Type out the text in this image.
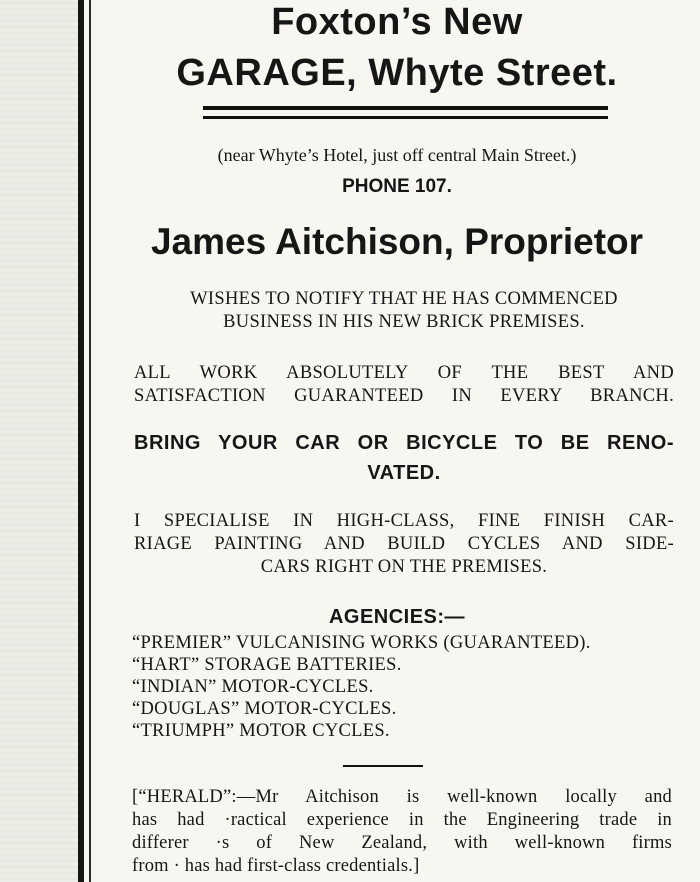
Foxton’s New
GARAGE, Whyte Street.
(near Whyte’s Hotel, just off central Main Street.)
PHONE 107.
James Aitchison, Proprietor
WISHES TO NOTIFY THAT HE HAS COMMENCED
BUSINESS IN HIS NEW BRICK PREMISES.
ALL WORK ABSOLUTELY OF THE BEST AND
SATISFACTION GUARANTEED IN EVERY BRANCH.
BRING YOUR CAR OR BICYCLE TO BE RENO-
VATED.
I SPECIALISE IN HIGH-CLASS, FINE FINISH CAR-
RIAGE PAINTING AND BUILD CYCLES AND SIDE-
CARS RIGHT ON THE PREMISES.
AGENCIES:—
“PREMIER” VULCANISING WORKS (GUARANTEED).
“HART” STORAGE BATTERIES.
“INDIAN” MOTOR-CYCLES.
“DOUGLAS” MOTOR-CYCLES.
“TRIUMPH” MOTOR CYCLES.
[“HERALD”:—Mr Aitchison is well-known locally and
has had ·ractical experience in the Engineering trade in
differer ·s of New Zealand, with well-known firms
from · has had first-class credentials.]
